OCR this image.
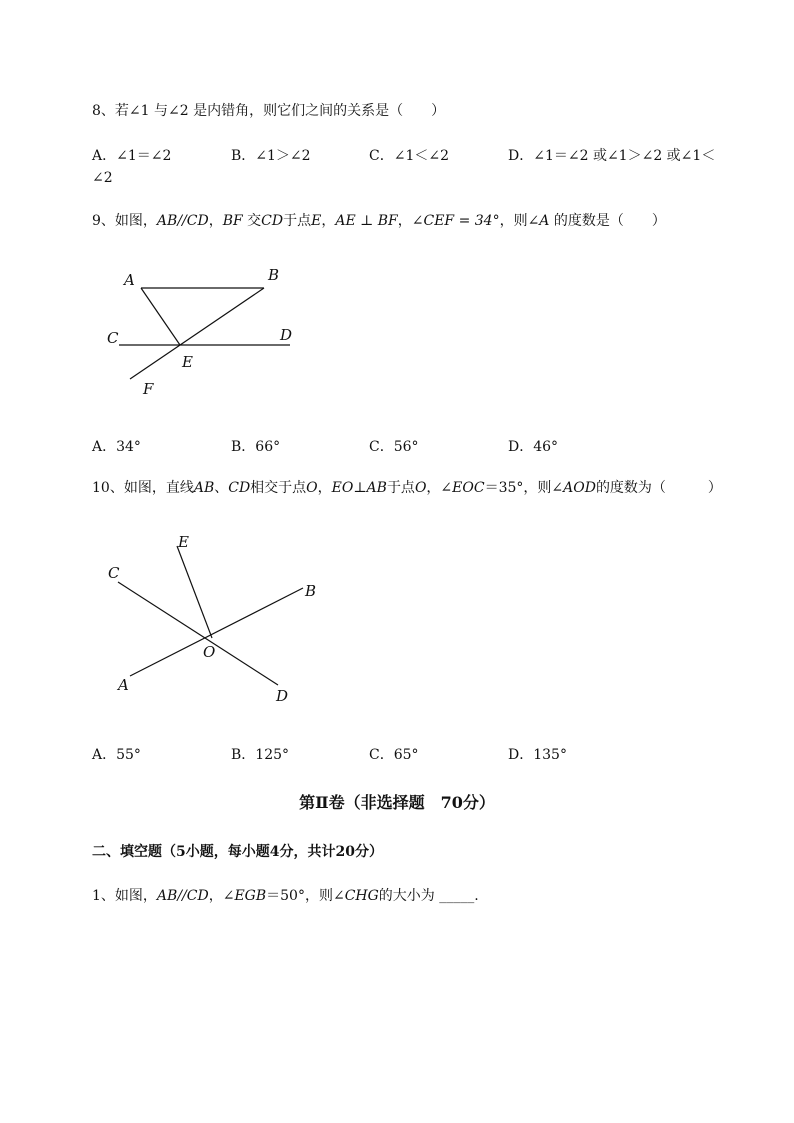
8、若∠1 与∠2 是内错角，则它们之间的关系是（　　）
A．∠1＝∠2	B．∠1＞∠2	C．∠1＜∠2	D．∠1＝∠2 或∠1＞∠2 或∠1＜
∠2
9、如图，AB//CD，BF 交CD于点E，AE ⊥ BF，∠CEF = 34°，则∠A 的度数是（　　）
A	B
C	D
E
F
A．34°	B．66°	C．56°	D．46°
10、如图，直线AB、CD相交于点O，EO⊥AB于点O，∠EOC＝35°，则∠AOD的度数为（　　　）
E
C
B
O
A
D
A．55°	B．125°	C．65°	D．135°
第Ⅱ卷（非选择题　70分）
二、填空题（5小题，每小题4分，共计20分）
1、如图，AB//CD，∠EGB＝50°，则∠CHG的大小为 _____.
